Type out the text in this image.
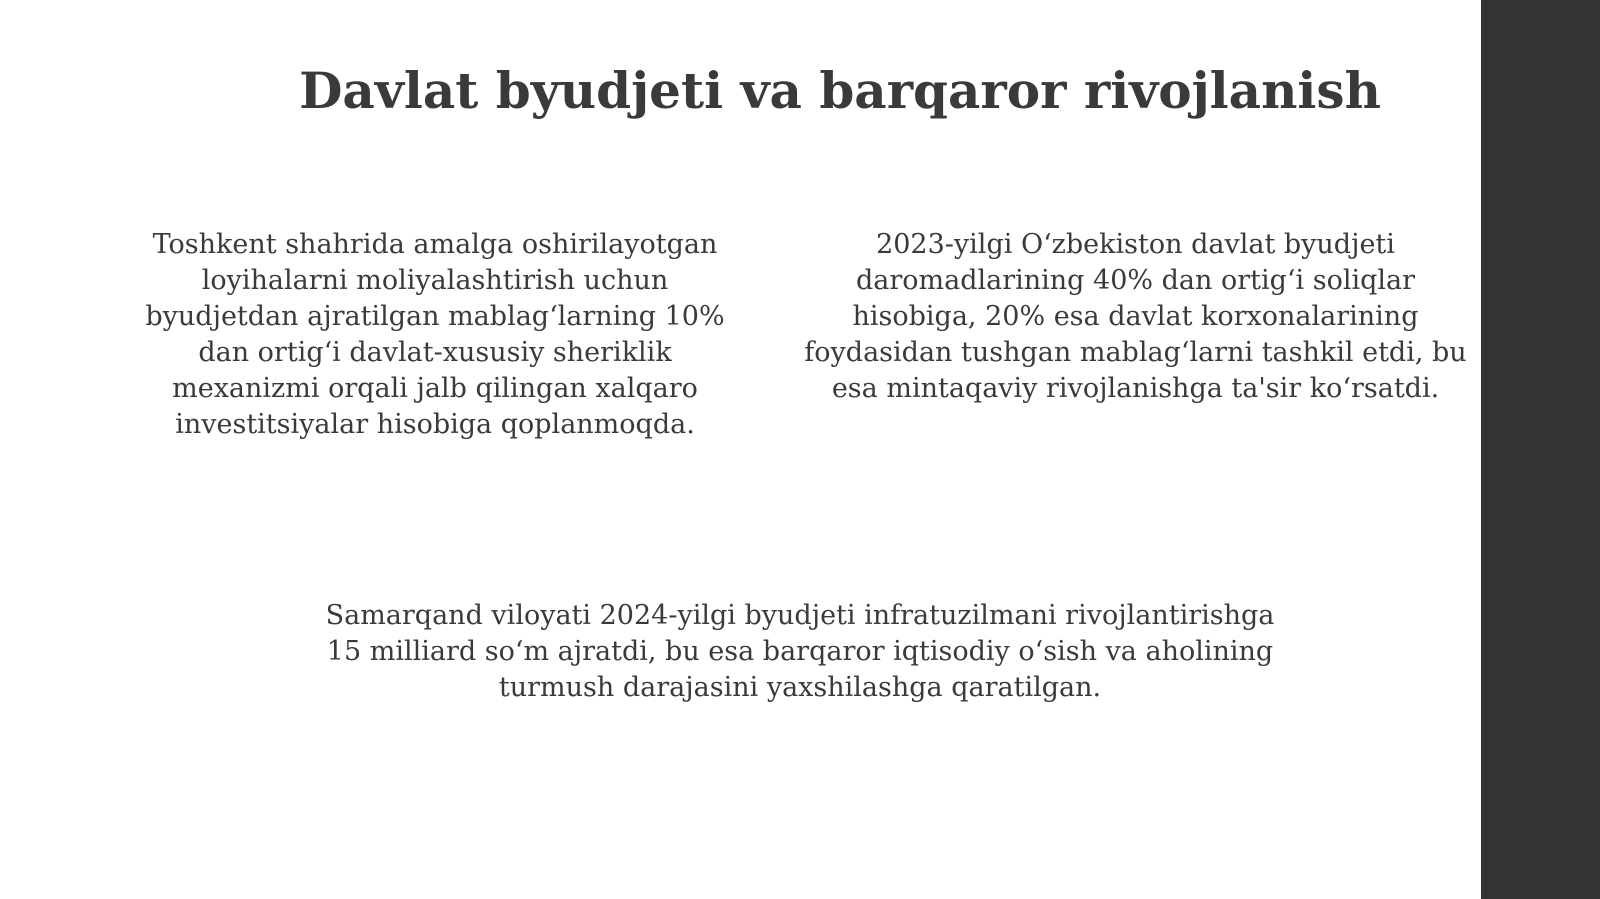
Davlat byudjeti va barqaror rivojlanish
Toshkent shahrida amalga oshirilayotgan
loyihalarni moliyalashtirish uchun
byudjetdan ajratilgan mablag‘larning 10%
dan ortig‘i davlat-xususiy sheriklik
mexanizmi orqali jalb qilingan xalqaro
investitsiyalar hisobiga qoplanmoqda.
2023-yilgi O‘zbekiston davlat byudjeti
daromadlarining 40% dan ortig‘i soliqlar
hisobiga, 20% esa davlat korxonalarining
foydasidan tushgan mablag‘larni tashkil etdi, bu
esa mintaqaviy rivojlanishga ta'sir ko‘rsatdi.
Samarqand viloyati 2024-yilgi byudjeti infratuzilmani rivojlantirishga
15 milliard so‘m ajratdi, bu esa barqaror iqtisodiy o‘sish va aholining
turmush darajasini yaxshilashga qaratilgan.
